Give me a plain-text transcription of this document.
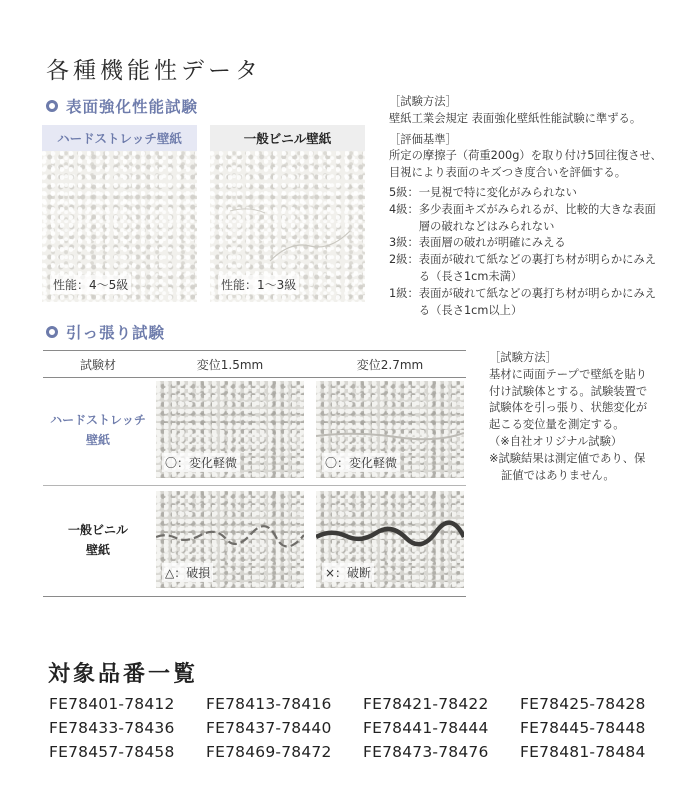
各種機能性データ
表面強化性能試験
ハードストレッチ壁紙
性能：4〜5級
一般ビニル壁紙
性能：1〜3級
［試験方法］
壁紙工業会規定 表面強化壁紙性能試験に準ずる。
［評価基準］
所定の摩擦子（荷重200g）を取り付け5回往復させ、目視により表面のキズつき度合いを評価する。
5級： 一見視で特に変化がみられない
4級： 多少表面キズがみられるが、比較的大きな表面層の破れなどはみられない
3級： 表面層の破れが明確にみえる
2級： 表面が破れて紙などの裏打ち材が明らかにみえる（長さ1cm未満）
1級： 表面が破れて紙などの裏打ち材が明らかにみえる（長さ1cm以上）
引っ張り試験
試験材	変位1.5mm	変位2.7mm
ハードストレッチ
壁紙
〇：変化軽微	〇：変化軽微
一般ビニル
壁紙
△：破損	×：破断
［試験方法］
基材に両面テープで壁紙を貼り
付け試験体とする。試験装置で
試験体を引っ張り、状態変化が
起こる変位量を測定する。
（※自社オリジナル試験）
※試験結果は測定値であり、保
証値ではありません。
対象品番一覧
FE78401-78412	FE78413-78416	FE78421-78422	FE78425-78428
FE78433-78436	FE78437-78440	FE78441-78444	FE78445-78448
FE78457-78458	FE78469-78472	FE78473-78476	FE78481-78484
